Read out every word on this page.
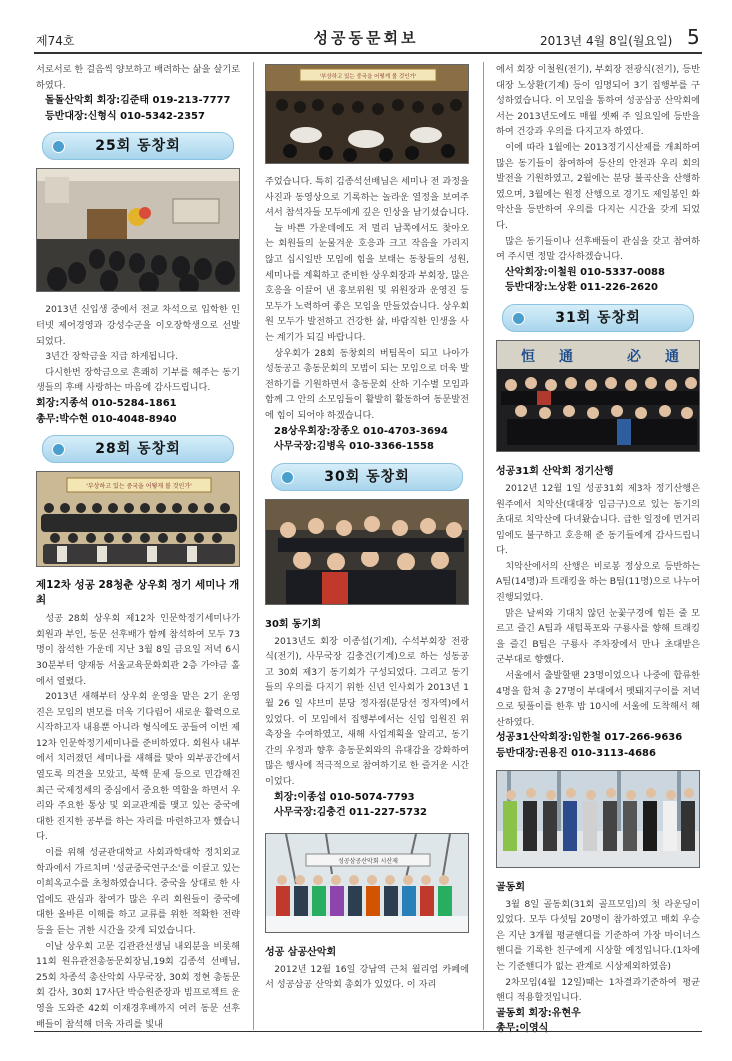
제74호	성공동문회보	2013년 4월 8일(월요일) 5

서로서로 한 걸음씩 양보하고 배려하는 삶을 살기로 하였다.

돌돌산악회 회장:김준태 019-213-7777
등반대장:신형식 010-5342-2357
25회 동창회

2013년 신입생 중에서 전교 차석으로 입학한 인터넷 제어경영과 강성수군을 이오장학생으로 선발되었다.

3년간 장학금을 지급 하게됩니다.

다시한번 장학금으로 흔쾌히 기부를 해주는 동기생들의 후배 사랑하는 마음에 감사드립니다.

회장:지종석 010-5284-1861
총무:박수현 010-4048-8940
28회 동창회
'부상하고 있는 중국을 어떻게 볼 것인가'
제12차 성공 28청춘 상우회 정기 세미나 개최

성공 28회 상우회 제12차 인문학정기세미나가 회원과 부인, 동문 선후배가 함께 참석하여 모두 73명이 참석한 가운데 지난 3월 8일 금요일 저녁 6시 30분부터 양재동 서울교육문화회관 2층 가야금 홀에서 열렸다.

2013년 새해부터 상우회 운영을 맡은 2기 운영진은 모임의 변모를 더욱 기다림어 새로운 활력으로 시작하고자 내용뿐 아니라 형식에도 공들여 이번 제12차 인문학정기세미나를 준비하였다. 회원사 내부에서 치러졌던 세미나를 새해를 맞아 외부공간에서 열도록 의견을 모았고, 북핵 문제 등으로 민감해진 최근 국제정세의 중심에서 중요한 역할을 하면서 우리와 주요한 통상 및 외교관계를 맺고 있는 중국에 대한 진지한 공부를 하는 자리를 마련하고자 했습니다.

이를 위해 성균관대학교 사회과학대학 정치외교학과에서 가르치며 '성균중국연구소'를 이끌고 있는 이희옥교수를 초청하였습니다. 중국을 상대로 한 사업에도 관심과 참여가 많은 우리 회원들이 중국에 대한 올바른 이해를 하고 교류를 위한 적확한 전략 등을 듣는 귀한 시간을 갖게 되었습니다.

이날 상우회 고문 김관관선생님 내외분을 비롯해 11회 원유관전총동문회장님,19회 김종석 선배님, 25회 차종석 총산악회 사무국장, 30회 정현 총동문회 감사, 30회 17사단 박승원준장과 빔프로젝트 운영을 도와준 42회 이재경후배까지 여러 동문 선후배들이 참석해 더욱 자리를 빛내

'부상하고 있는 중국을 어떻게 볼 것인가'

주었습니다. 특히 김종석선배님은 세미나 전 과정을 사진과 동영상으로 기록하는 놀라운 열정을 보여주셔서 참석자들 모두에게 깊은 인상을 남기셨습니다.

늘 바쁜 가운데에도 저 멀리 남쪽에서도 찾아오는 회원들의 눈물겨운 호응과 크고 작음을 가리지 않고 십시일반 모임에 힘을 보태는 동창들의 성원, 세미나를 계획하고 준비한 상우회장과 부회장, 많은 호응을 이끌어 낸 홍보위원 및 위원장과 운영진 등 모두가 노력하여 좋은 모임을 만들었습니다. 상우회원 모두가 발전하고 건강한 삶, 바람직한 인생을 사는 계기가 되길 바랍니다.

상우회가 28회 동창회의 버팀목이 되고 나아가 성동공고 총동문회의 모범이 되는 모임으로 더욱 발전하기를 기원하면서 총동문회 산하 기수별 모임과 함께 그 안의 소모임들이 활발히 활동하여 동문발전에 힘이 되어야 하겠습니다.

28상우회장:장종오 010-4703-3694
사무국장:김병옥 010-3366-1558
30회 동창회
30회 동기회

2013년도 회장 이종섭(기계), 수석부회장 전광식(전기), 사무국장 김충건(기계)으로 하는 성동공고 30회 제3기 동기회가 구성되었다. 그리고 동기들의 우의를 다지기 위한 신년 인사회가 2013년 1월 26 일 샤브미 분당 정자점(분당선 정자역)에서 있었다. 이 모임에서 집행부에서는 신입 임원진 위촉장을 수여하였고, 새해 사업계획을 알리고, 동기간의 우정과 향후 총동문회와의 유대감을 강화하여 많은 행사에 적극적으로 참여하기로 한 즐거운 시간이었다.

회장:이종섭 010-5074-7793
사무국장:김충건 011-227-5732
성공삼공산악회 시산제
성공 삼공산악회

2012년 12월 16일 강남역 근처 월리엄 카페에서 성공삼공 산악회 총회가 있었다. 이 자리

에서 회장 이철원(전기), 부회장 전광식(전기), 등반대장 노상환(기계) 등이 임명되어 3기 집행부를 구성하였습니다. 이 모임을 통하여 성공삼공 산악회에서는 2013년도에도 매월 셋째 주 일요일에 등반을 하여 건강과 우의를 다지고자 하였다.

이에 따라 1월에는 2013정기시산제를 개최하여 많은 동기들이 참여하여 등산의 안전과 우리 회의 발전을 기원하였고, 2월에는 분당 불곡산을 산행하였으며, 3월에는 원정 산행으로 경기도 제일봉인 화악산을 등반하여 우의를 다지는 시간을 갖게 되었다.

많은 동기들이나 선후배들이 관심을 갖고 참여하여 주시면 정말 감사하겠습니다.

산악회장:이철원 010-5337-0088
등반대장:노상환 011-226-2620
31회 동창회
恒 通	必 通
성공31회 산악회 정기산행

2012년 12월 1일 성공31회 제3차 정기산행은 원주에서 치악산(대대장 임금구)으로 있는 동기의 초대로 치악산에 다녀왔습니다. 급한 일정에 먼거리임에도 불구하고 호응해 준 동기들에게 감사드립니다.

치악산에서의 산행은 비로봉 정상으로 등반하는 A팀(14명)과 트래킹을 하는 B팀(11명)으로 나누어 진행되었다.

맑은 날씨와 기대치 않던 눈꽃구경에 힘든 줄 모르고 즐긴 A팀과 새텀폭포와 구룡사를 향해 트래킹을 즐긴 B팀은 구룡사 주차장에서 만나 초대받은 군부대로 향했다.

서울에서 출발할땐 23명이었으나 나중에 합류한 4명을 합쳐 총 27명이 부대에서 멧돼지구이를 저녁으로 뒷풀이를 한후 밤 10시에 서울에 도착해서 해산하였다.

성공31산악회장:임한철 017-266-9636
등반대장:권용진 010-3113-4686
골동회

3월 8일 골동회(31회 골프모임)의 첫 라운딩이 있었다. 모두 다섯팀 20명이 참가하였고 매회 우승은 지난 3개월 평균핸디를 기준하여 가장 마이너스 핸디를 기록한 친구에게 시상할 예정입니다.(1차에는 기준핸디가 없는 관계로 시상제외하였음)

2차모임(4월 12일)때는 1차결과기준하여 평균핸디 적용할것입니다.

골동회 회장:유현우
총무:이영식
